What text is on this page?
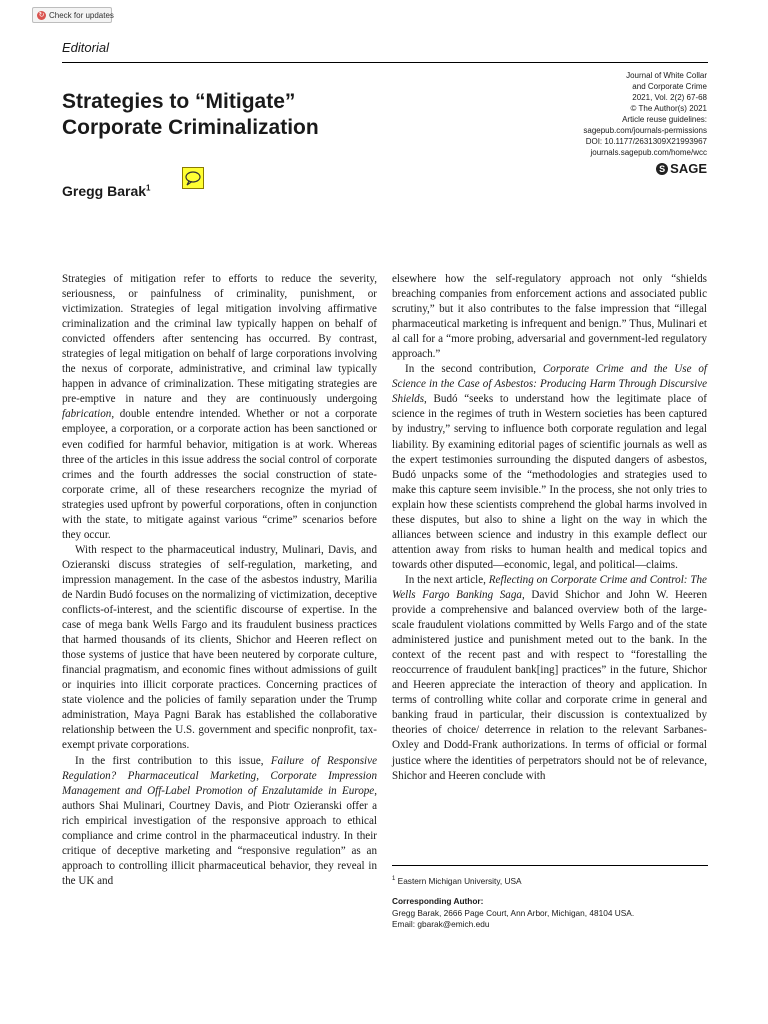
↻ Check for updates
Editorial
Strategies to “Mitigate” Corporate Criminalization
Gregg Barak$^1$
Journal of White Collar
and Corporate Crime
2021, Vol. 2(2) 67-68
© The Author(s) 2021
Article reuse guidelines:
sagepub.com/journals-permissions
DOI: 10.1177/2631309X21993967
journals.sagepub.com/home/wcc
S SAGE

Strategies of mitigation refer to efforts to reduce the severity, seriousness, or painfulness of criminality, punishment, or victimization. Strategies of legal mitigation involving affirmative criminalization and the criminal law typically happen on behalf of convicted offenders after sentencing has occurred. By contrast, strategies of legal mitigation on behalf of large corporations involving the nexus of corporate, administrative, and criminal law typically happen in advance of criminalization. These mitigating strategies are pre-emptive in nature and they are continuously undergoing fabrication, double entendre intended. Whether or not a corporate employee, a corporation, or a corporate action has been sanctioned or even codified for harmful behavior, mitigation is at work. Whereas three of the articles in this issue address the social control of corporate crimes and the fourth addresses the social construction of state-corporate crime, all of these researchers recognize the myriad of strategies used upfront by powerful corporations, often in conjunction with the state, to mitigate against various “crime” scenarios before they occur.

With respect to the pharmaceutical industry, Mulinari, Davis, and Ozieranski discuss strategies of self-regulation, marketing, and impression management. In the case of the asbestos industry, Marilia de Nardin Budó focuses on the normalizing of victimization, deceptive conflicts-of-interest, and the scientific discourse of expertise. In the case of mega bank Wells Fargo and its fraudulent business practices that harmed thousands of its clients, Shichor and Heeren reflect on those systems of justice that have been neutered by corporate culture, financial pragmatism, and economic fines without admissions of guilt or inquiries into illicit corporate practices. Concerning practices of state violence and the policies of family separation under the Trump administration, Maya Pagni Barak has established the collaborative relationship between the U.S. government and specific nonprofit, tax-exempt private corporations.

In the first contribution to this issue, Failure of Responsive Regulation? Pharmaceutical Marketing, Corporate Impression Management and Off-Label Promotion of Enzalutamide in Europe, authors Shai Mulinari, Courtney Davis, and Piotr Ozieranski offer a rich empirical investigation of the responsive approach to ethical compliance and crime control in the pharmaceutical industry. In their critique of deceptive marketing and “responsive regulation” as an approach to controlling illicit pharmaceutical behavior, they reveal in the UK and

elsewhere how the self-regulatory approach not only “shields breaching companies from enforcement actions and associated public scrutiny,” but it also contributes to the false impression that “illegal pharmaceutical marketing is infrequent and benign.” Thus, Mulinari et al call for a “more probing, adversarial and government-led regulatory approach.”

In the second contribution, Corporate Crime and the Use of Science in the Case of Asbestos: Producing Harm Through Discursive Shields, Budó “seeks to understand how the legitimate place of science in the regimes of truth in Western societies has been captured by industry,” serving to influence both corporate regulation and legal liability. By examining editorial pages of scientific journals as well as the expert testimonies surrounding the disputed dangers of asbestos, Budó unpacks some of the “methodologies and strategies used to make this capture seem invisible.” In the process, she not only tries to explain how these scientists comprehend the global harms involved in these disputes, but also to shine a light on the way in which the alliances between science and industry in this example deflect our attention away from risks to human health and medical topics and towards other disputed—economic, legal, and political—claims.

In the next article, Reflecting on Corporate Crime and Control: The Wells Fargo Banking Saga, David Shichor and John W. Heeren provide a comprehensive and balanced overview both of the large-scale fraudulent violations committed by Wells Fargo and of the state administered justice and punishment meted out to the bank. In the context of the recent past and with respect to “forestalling the reoccurrence of fraudulent bank[ing] practices” in the future, Shichor and Heeren appreciate the interaction of theory and application. In terms of controlling white collar and corporate crime in general and banking fraud in particular, their discussion is contextualized by theories of choice/ deterrence in relation to the relevant Sarbanes-Oxley and Dodd-Frank authorizations. In terms of official or formal justice where the identities of perpetrators should not be of relevance, Shichor and Heeren conclude with

$^1$ Eastern Michigan University, USA
Corresponding Author:
Gregg Barak, 2666 Page Court, Ann Arbor, Michigan, 48104 USA.
Email: gbarak@emich.edu
